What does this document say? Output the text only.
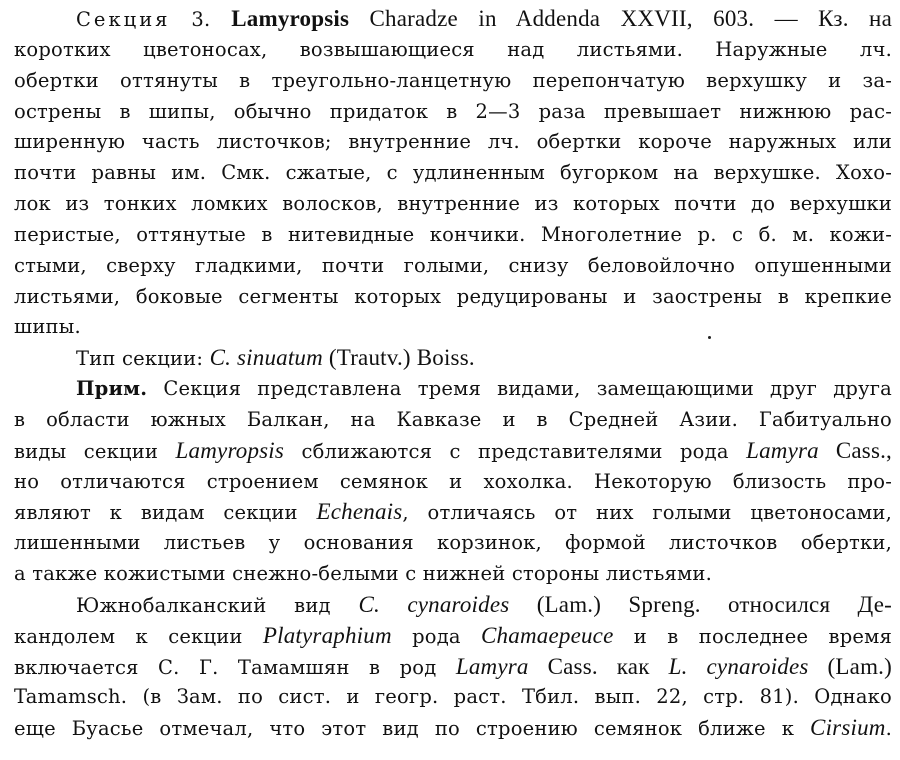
Секция 3. Lamyropsis Charadze in Addenda XXVII, 603. — Кз. на
коротких цветоносах, возвышающиеся над листьями. Наружные лч.
обертки оттянуты в треугольно-ланцетную перепончатую верхушку и за-
острены в шипы, обычно придаток в 2—3 раза превышает нижнюю рас-
ширенную часть листочков; внутренние лч. обертки короче наружных или
почти равны им. Смк. сжатые, с удлиненным бугорком на верхушке. Хохо-
лок из тонких ломких волосков, внутренние из которых почти до верхушки
перистые, оттянутые в нитевидные кончики. Многолетние р. с б. м. кожи-
стыми, сверху гладкими, почти голыми, снизу беловойлочно опушенными
листьями, боковые сегменты которых редуцированы и заострены в крепкие
шипы.
Тип секции: C. sinuatum (Trautv.) Boiss.
Прим. Секция представлена тремя видами, замещающими друг друга
в области южных Балкан, на Кавказе и в Средней Азии. Габитуально
виды секции Lamyropsis сближаются с представителями рода Lamyra Cass.,
но отличаются строением семянок и хохолка. Некоторую близость про-
являют к видам секции Echenais, отличаясь от них голыми цветоносами,
лишенными листьев у основания корзинок, формой листочков обертки,
а также кожистыми снежно-белыми с нижней стороны листьями.
Южнобалканский вид C. cynaroides (Lam.) Spreng. относился Де-
кандолем к секции Platyraphium рода Chamaepeuce и в последнее время
включается С. Г. Тамамшян в род Lamyra Cass. как L. cynaroides (Lam.)
Tamamsch. (в Зам. по сист. и геогр. раст. Тбил. вып. 22, стр. 81). Однако
еще Буасье отмечал, что этот вид по строению семянок ближе к Cirsium.
